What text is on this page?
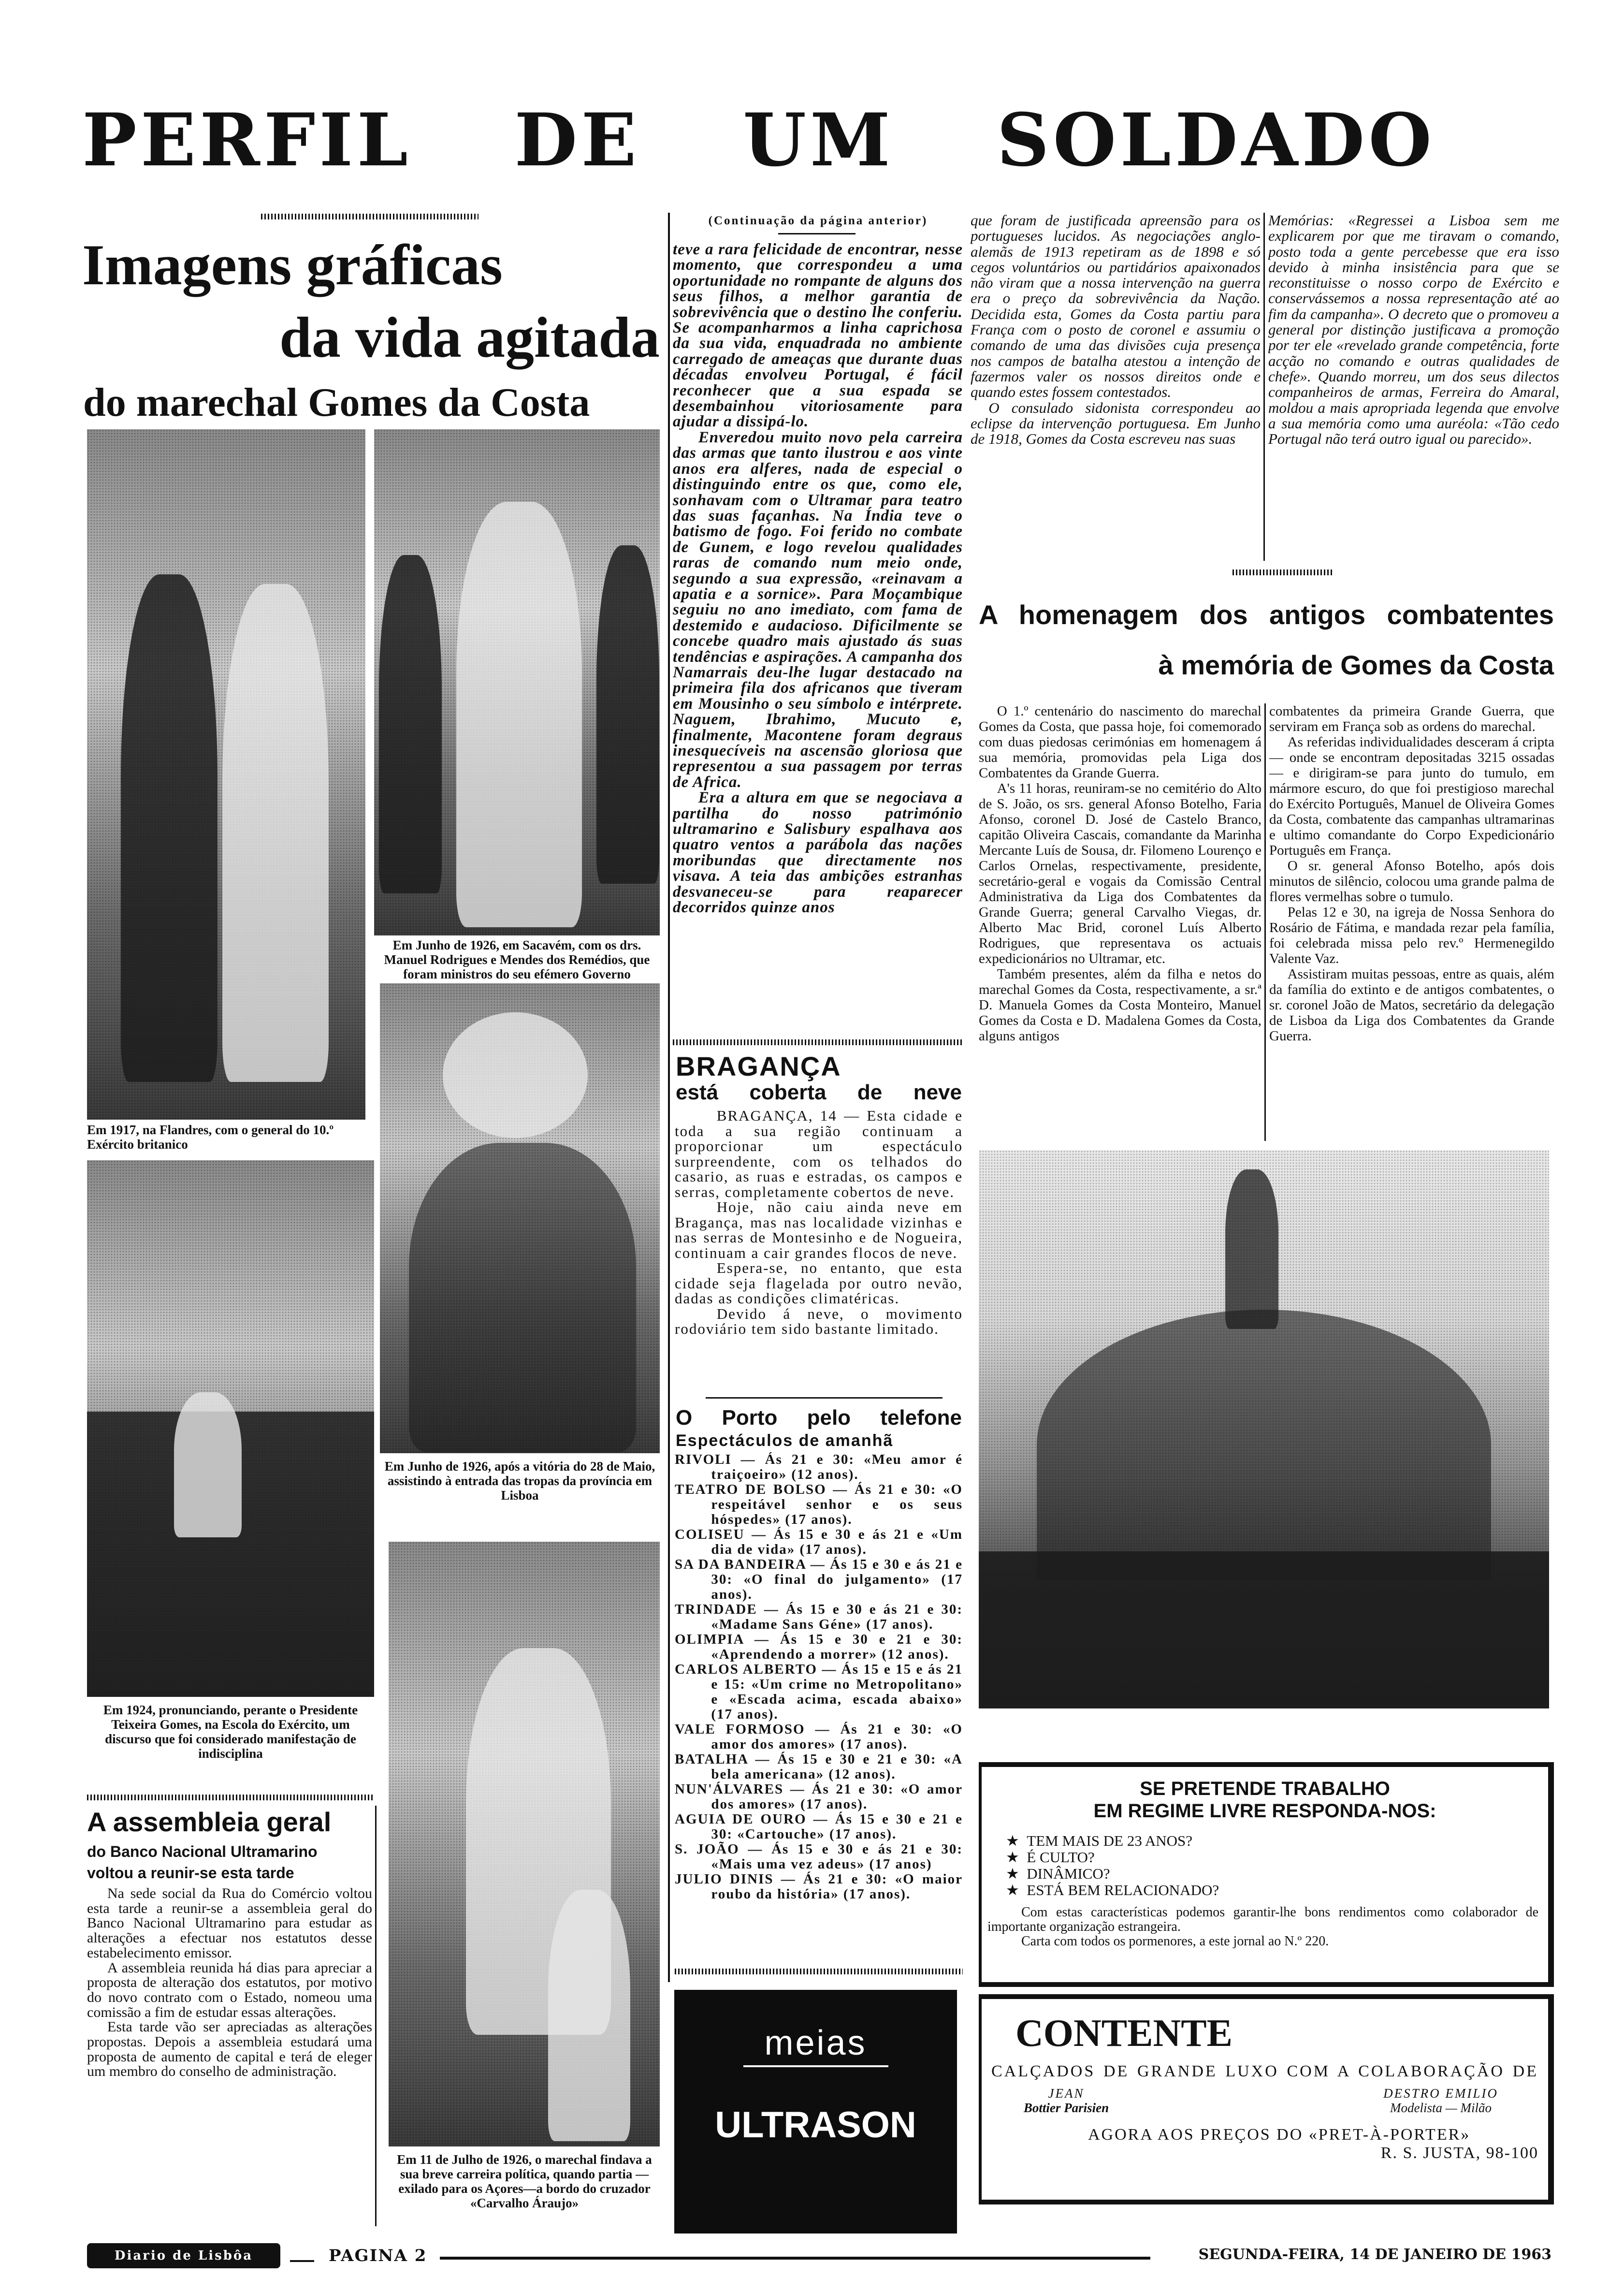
PERFIL DE UM SOLDADO
Imagens gráficas
da vida agitada
do marechal Gomes da Costa
Em 1917, na Flandres, com o general do 10.º Exército britanico
Em Junho de 1926, em Sacavém, com os drs. Manuel Rodrigues e Mendes dos Remédios, que foram ministros do seu efémero Governo
Em Junho de 1926, após a vitória do 28 de Maio, assistindo à entrada das tropas da província em Lisboa
Em 1924, pronunciando, perante o Presidente Teixeira Gomes, na Escola do Exército, um discurso que foi considerado manifestação de indisciplina
Em 11 de Julho de 1926, o marechal findava a sua breve carreira política, quando partia — exilado para os Açores—a bordo do cruzador «Carvalho Áraujo»
A assembleia geral
do Banco Nacional Ultramarino
voltou a reunir-se esta tarde

Na sede social da Rua do Comércio voltou esta tarde a reunir-se a assembleia geral do Banco Nacional Ultramarino para estudar as alterações a efectuar nos estatutos desse estabelecimento emissor.

A assembleia reunida há dias para apreciar a proposta de alteração dos estatutos, por motivo do novo contrato com o Estado, nomeou uma comissão a fim de estudar essas alterações.

Esta tarde vão ser apreciadas as alterações propostas. Depois a assembleia estudará uma proposta de aumento de capital e terá de eleger um membro do conselho de administração.

(Continuação da página anterior)

teve a rara felicidade de encontrar, nesse momento, que correspondeu a uma oportunidade no rompante de alguns dos seus filhos, a melhor garantia de sobrevivência que o destino lhe conferiu. Se acompanharmos a linha caprichosa da sua vida, enquadrada no ambiente carregado de ameaças que durante duas décadas envolveu Portugal, é fácil reconhecer que a sua espada se desembainhou vitoriosamente para ajudar a dissipá-lo.

Enveredou muito novo pela carreira das armas que tanto ilustrou e aos vinte anos era alferes, nada de especial o distinguindo entre os que, como ele, sonhavam com o Ultramar para teatro das suas façanhas. Na Índia teve o batismo de fogo. Foi ferido no combate de Gunem, e logo revelou qualidades raras de comando num meio onde, segundo a sua expressão, «reinavam a apatia e a sornice». Para Moçambique seguiu no ano imediato, com fama de destemido e audacioso. Dificilmente se concebe quadro mais ajustado ás suas tendências e aspirações. A campanha dos Namarrais deu-lhe lugar destacado na primeira fila dos africanos que tiveram em Mousinho o seu símbolo e intérprete. Naguem, Ibrahimo, Mucuto e, finalmente, Macontene foram degraus inesquecíveis na ascensão gloriosa que representou a sua passagem por terras de Africa.

Era a altura em que se negociava a partilha do nosso património ultramarino e Salisbury espalhava aos quatro ventos a parábola das nações moribundas que directamente nos visava. A teia das ambições estranhas desvaneceu-se para reaparecer decorridos quinze anos

BRAGANÇA
está coberta de neve

BRAGANÇA, 14 — Esta cidade e toda a sua região continuam a proporcionar um espectáculo surpreendente, com os telhados do casario, as ruas e estradas, os campos e serras, completamente cobertos de neve.

Hoje, não caiu ainda neve em Bragança, mas nas localidade vizinhas e nas serras de Montesinho e de Nogueira, continuam a cair grandes flocos de neve.

Espera-se, no entanto, que esta cidade seja flagelada por outro nevão, dadas as condições climatéricas.

Devido á neve, o movimento rodoviário tem sido bastante limitado.

O Porto pelo telefone
Espectáculos de amanhã

RIVOLI — Ás 21 e 30: «Meu amor é traiçoeiro» (12 anos).

TEATRO DE BOLSO — Ás 21 e 30: «O respeitável senhor e os seus hóspedes» (17 anos).

COLISEU — Ás 15 e 30 e ás 21 e «Um dia de vida» (17 anos).

SA DA BANDEIRA — Ás 15 e 30 e ás 21 e 30: «O final do julgamento» (17 anos).

TRINDADE — Ás 15 e 30 e ás 21 e 30: «Madame Sans Géne» (17 anos).

OLIMPIA — Ás 15 e 30 e 21 e 30: «Aprendendo a morrer» (12 anos).

CARLOS ALBERTO — Ás 15 e 15 e ás 21 e 15: «Um crime no Metropolitano» e «Escada acima, escada abaixo» (17 anos).

VALE FORMOSO — Ás 21 e 30: «O amor dos amores» (17 anos).

BATALHA — Ás 15 e 30 e 21 e 30: «A bela americana» (12 anos).

NUN'ÁLVARES — Ás 21 e 30: «O amor dos amores» (17 anos).

AGUIA DE OURO — Ás 15 e 30 e 21 e 30: «Cartouche» (17 anos).

S. JOÃO — Ás 15 e 30 e ás 21 e 30: «Mais uma vez adeus» (17 anos)

JULIO DINIS — Ás 21 e 30: «O maior roubo da história» (17 anos).

meias
ULTRASON

que foram de justificada apreensão para os portugueses lucidos. As negociações anglo-alemãs de 1913 repetiram as de 1898 e só cegos voluntários ou partidários apaixonados não viram que a nossa intervenção na guerra era o preço da sobrevivência da Nação. Decidida esta, Gomes da Costa partiu para França com o posto de coronel e assumiu o comando de uma das divisões cuja presença nos campos de batalha atestou a intenção de fazermos valer os nossos direitos onde e quando estes fossem contestados.

O consulado sidonista correspondeu ao eclipse da intervenção portuguesa. Em Junho de 1918, Gomes da Costa escreveu nas suas

Memórias: «Regressei a Lisboa sem me explicarem por que me tiravam o comando, posto toda a gente percebesse que era isso devido à minha insistência para que se reconstituisse o nosso corpo de Exército e conservássemos a nossa representação até ao fim da campanha». O decreto que o promoveu a general por distinção justificava a promoção por ter ele «revelado grande competência, forte acção no comando e outras qualidades de chefe». Quando morreu, um dos seus dilectos companheiros de armas, Ferreira do Amaral, moldou a mais apropriada legenda que envolve a sua memória como uma auréola: «Tão cedo Portugal não terá outro igual ou parecido».

A homenagem dos antigos combatentes
à memória de Gomes da Costa

O 1.º centenário do nascimento do marechal Gomes da Costa, que passa hoje, foi comemorado com duas piedosas cerimónias em homenagem á sua memória, promovidas pela Liga dos Combatentes da Grande Guerra.

A's 11 horas, reuniram-se no cemitério do Alto de S. João, os srs. general Afonso Botelho, Faria Afonso, coronel D. José de Castelo Branco, capitão Oliveira Cascais, comandante da Marinha Mercante Luís de Sousa, dr. Filomeno Lourenço e Carlos Ornelas, respectivamente, presidente, secretário-geral e vogais da Comissão Central Administrativa da Liga dos Combatentes da Grande Guerra; general Carvalho Viegas, dr. Alberto Mac Brid, coronel Luís Alberto Rodrigues, que representava os actuais expedicionários no Ultramar, etc.

Também presentes, além da filha e netos do marechal Gomes da Costa, respectivamente, a sr.ª D. Manuela Gomes da Costa Monteiro, Manuel Gomes da Costa e D. Madalena Gomes da Costa, alguns antigos

combatentes da primeira Grande Guerra, que serviram em França sob as ordens do marechal.

As referidas individualidades desceram á cripta — onde se encontram depositadas 3215 ossadas — e dirigiram-se para junto do tumulo, em mármore escuro, do que foi prestigioso marechal do Exército Português, Manuel de Oliveira Gomes da Costa, combatente das campanhas ultramarinas e ultimo comandante do Corpo Expedicionário Português em França.

O sr. general Afonso Botelho, após dois minutos de silêncio, colocou uma grande palma de flores vermelhas sobre o tumulo.

Pelas 12 e 30, na igreja de Nossa Senhora do Rosário de Fátima, e mandada rezar pela família, foi celebrada missa pelo rev.º Hermenegildo Valente Vaz.

Assistiram muitas pessoas, entre as quais, além da família do extinto e de antigos combatentes, o sr. coronel João de Matos, secretário da delegação de Lisboa da Liga dos Combatentes da Grande Guerra.

SE PRETENDE TRABALHO
EM REGIME LIVRE RESPONDA-NOS:
★ TEM MAIS DE 23 ANOS?
★ É CULTO?
★ DINÂMICO?
★ ESTÁ BEM RELACIONADO?
Com estas características podemos garantir-lhe bons rendimentos como colaborador de importante organização estrangeira.
Carta com todos os pormenores, a este jornal ao N.º 220.
CONTENTE
CALÇADOS DE GRANDE LUXO COM A COLABORAÇÃO DE
JEAN
Bottier Parisien
DESTRO EMILIO
Modelista — Milão
AGORA AOS PREÇOS DO «PRET-À-PORTER»
R. S. JUSTA, 98-100
Diario de Lisbôa	PAGINA 2	SEGUNDA-FEIRA, 14 DE JANEIRO DE 1963
